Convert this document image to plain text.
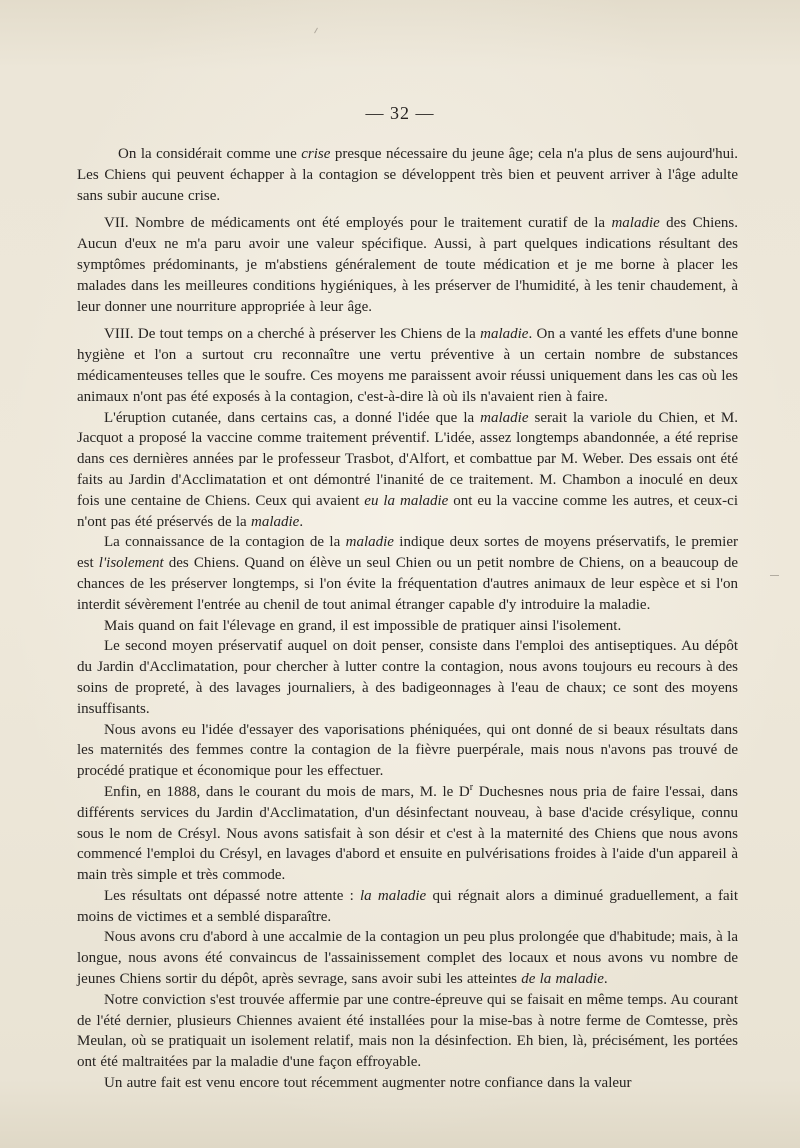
— 32 —

On la considérait comme une crise presque nécessaire du jeune âge; cela n'a plus de sens aujourd'hui. Les Chiens qui peuvent échapper à la contagion se développent très bien et peuvent arriver à l'âge adulte sans subir aucune crise.

VII. Nombre de médicaments ont été employés pour le traitement curatif de la maladie des Chiens. Aucun d'eux ne m'a paru avoir une valeur spécifique. Aussi, à part quelques indications résultant des symptômes prédominants, je m'abstiens généralement de toute médication et je me borne à placer les malades dans les meilleures conditions hygiéniques, à les préserver de l'humidité, à les tenir chaudement, à leur donner une nourriture appropriée à leur âge.

VIII. De tout temps on a cherché à préserver les Chiens de la maladie. On a vanté les effets d'une bonne hygiène et l'on a surtout cru reconnaître une vertu préventive à un certain nombre de substances médicamenteuses telles que le soufre. Ces moyens me paraissent avoir réussi uniquement dans les cas où les animaux n'ont pas été exposés à la contagion, c'est-à-dire là où ils n'avaient rien à faire.

L'éruption cutanée, dans certains cas, a donné l'idée que la maladie serait la variole du Chien, et M. Jacquot a proposé la vaccine comme traitement préventif. L'idée, assez longtemps abandonnée, a été reprise dans ces dernières années par le professeur Trasbot, d'Alfort, et combattue par M. Weber. Des essais ont été faits au Jardin d'Acclimatation et ont démontré l'inanité de ce traitement. M. Chambon a inoculé en deux fois une centaine de Chiens. Ceux qui avaient eu la maladie ont eu la vaccine comme les autres, et ceux-ci n'ont pas été préservés de la maladie.

La connaissance de la contagion de la maladie indique deux sortes de moyens préservatifs, le premier est l'isolement des Chiens. Quand on élève un seul Chien ou un petit nombre de Chiens, on a beaucoup de chances de les préserver longtemps, si l'on évite la fréquentation d'autres animaux de leur espèce et si l'on interdit sévèrement l'entrée au chenil de tout animal étranger capable d'y introduire la maladie.

Mais quand on fait l'élevage en grand, il est impossible de pratiquer ainsi l'isolement.

Le second moyen préservatif auquel on doit penser, consiste dans l'emploi des antiseptiques. Au dépôt du Jardin d'Acclimatation, pour chercher à lutter contre la contagion, nous avons toujours eu recours à des soins de propreté, à des lavages journaliers, à des badigeonnages à l'eau de chaux; ce sont des moyens insuffisants.

Nous avons eu l'idée d'essayer des vaporisations phéniquées, qui ont donné de si beaux résultats dans les maternités des femmes contre la contagion de la fièvre puerpérale, mais nous n'avons pas trouvé de procédé pratique et économique pour les effectuer.

Enfin, en 1888, dans le courant du mois de mars, M. le $D^r$ Duchesnes nous pria de faire l'essai, dans différents services du Jardin d'Acclimatation, d'un désinfectant nouveau, à base d'acide crésylique, connu sous le nom de Crésyl. Nous avons satisfait à son désir et c'est à la maternité des Chiens que nous avons commencé l'emploi du Crésyl, en lavages d'abord et ensuite en pulvérisations froides à l'aide d'un appareil à main très simple et très commode.

Les résultats ont dépassé notre attente : la maladie qui régnait alors a diminué graduellement, a fait moins de victimes et a semblé disparaître.

Nous avons cru d'abord à une accalmie de la contagion un peu plus prolongée que d'habitude; mais, à la longue, nous avons été convaincus de l'assainissement complet des locaux et nous avons vu nombre de jeunes Chiens sortir du dépôt, après sevrage, sans avoir subi les atteintes de la maladie.

Notre conviction s'est trouvée affermie par une contre-épreuve qui se faisait en même temps. Au courant de l'été dernier, plusieurs Chiennes avaient été installées pour la mise-bas à notre ferme de Comtesse, près Meulan, où se pratiquait un isolement relatif, mais non la désinfection. Eh bien, là, précisément, les portées ont été maltraitées par la maladie d'une façon effroyable.

Un autre fait est venu encore tout récemment augmenter notre confiance dans la valeur
